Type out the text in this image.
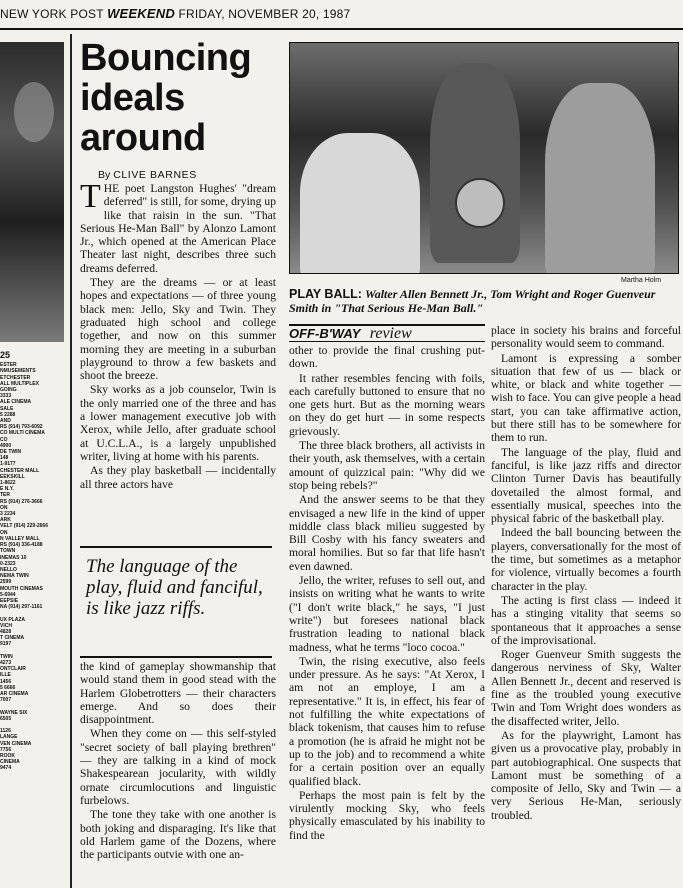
NEW YORK POST WEEKEND FRIDAY, NOVEMBER 20, 1987
25
ESTER
NMUSEMENTS
ETCHESTER
ALL MULTIPLEX
GOING
3333
ALE CINEMA
SALE
5 2288
AND
RS (914) 793-6092
CO MULTI CINEMA
CO
4900
DE TWIN
148
1-9177
CHESTER MALL
EEKSKILL
1-8622
E N.Y.
TER
RS (914) 276-3666
ON
3 2234
ARK
VELT (914) 229-2666
ON
N VALLEY MALL
RS (914) 336-4188
TOWN
INEMAS 10
0-2323
NELLO
NEMA TWIN
2599
MOUTH CINEMAS
5-6944
EEPSIE
NA (914) 297-1161

UX PLAZA
VICH
4828
T CINEMA
9197

TWIN
4273
ONTCLAIR
ILLE
1456
5 6666
AR CINEMA
7007

WAYNE SIX
6505

1126
LANGE
VEN CINEMA
7756
ROOK
CINEMA
9474
Bouncing ideals around
By CLIVE BARNES

THE poet Langston Hughes' "dream deferred" is still, for some, drying up like that raisin in the sun. "That Serious He-Man Ball" by Alonzo Lamont Jr., which opened at the American Place Theater last night, describes three such dreams deferred.

They are the dreams — or at least hopes and expectations — of three young black men: Jello, Sky and Twin. They graduated high school and college together, and now on this summer morning they are meeting in a suburban playground to throw a few baskets and shoot the breeze.

Sky works as a job counselor, Twin is the only married one of the three and has a lower management executive job with Xerox, while Jello, after graduate school at U.C.L.A., is a largely unpublished writer, living at home with his parents.

As they play basketball — incidentally all three actors have

The language of the play, fluid and fanciful, is like jazz riffs.

the kind of gameplay showmanship that would stand them in good stead with the Harlem Globetrotters — their characters emerge. And so does their disappointment.

When they come on — this self-styled "secret society of ball playing brethren" — they are talking in a kind of mock Shakespearean jocularity, with wildly ornate circumlocutions and linguistic furbelows.

The tone they take with one another is both joking and disparaging. It's like that old Harlem game of the Dozens, where the participants outvie with one an-

Martha Holm
PLAY BALL: Walter Allen Bennett Jr., Tom Wright and Roger Guenveur Smith in "That Serious He-Man Ball."
OFF-B'WAY review

other to provide the final crushing put-down.

It rather resembles fencing with foils, each carefully buttoned to ensure that no one gets hurt. But as the morning wears on they do get hurt — in some respects grievously.

The three black brothers, all activists in their youth, ask themselves, with a certain amount of quizzical pain: "Why did we stop being rebels?"

And the answer seems to be that they envisaged a new life in the kind of upper middle class black milieu suggested by Bill Cosby with his fancy sweaters and moral homilies. But so far that life hasn't even dawned.

Jello, the writer, refuses to sell out, and insists on writing what he wants to write ("I don't write black," he says, "I just write") but foresees national black frustration leading to national black madness, what he terms "loco cocoa."

Twin, the rising executive, also feels under pressure. As he says: "At Xerox, I am not an employe, I am a representative." It is, in effect, his fear of not fulfilling the white expectations of black tokenism, that causes him to refuse a promotion (he is afraid he might not be up to the job) and to recommend a white for a certain position over an equally qualified black.

Perhaps the most pain is felt by the virulently mocking Sky, who feels physically emasculated by his inability to find the

place in society his brains and forceful personality would seem to command.

Lamont is expressing a somber situation that few of us — black or white, or black and white together — wish to face. You can give people a head start, you can take affirmative action, but there still has to be somewhere for them to run.

The language of the play, fluid and fanciful, is like jazz riffs and director Clinton Turner Davis has beautifully dovetailed the almost formal, and essentially musical, speeches into the physical fabric of the basketball play.

Indeed the ball bouncing between the players, conversationally for the most of the time, but sometimes as a metaphor for violence, virtually becomes a fourth character in the play.

The acting is first class — indeed it has a stinging vitality that seems so spontaneous that it approaches a sense of the improvisational.

Roger Guenveur Smith suggests the dangerous nerviness of Sky, Walter Allen Bennett Jr., decent and reserved is fine as the troubled young executive Twin and Tom Wright does wonders as the disaffected writer, Jello.

As for the playwright, Lamont has given us a provocative play, probably in part autobiographical. One suspects that Lamont must be something of a composite of Jello, Sky and Twin — a very Serious He-Man, seriously troubled.
